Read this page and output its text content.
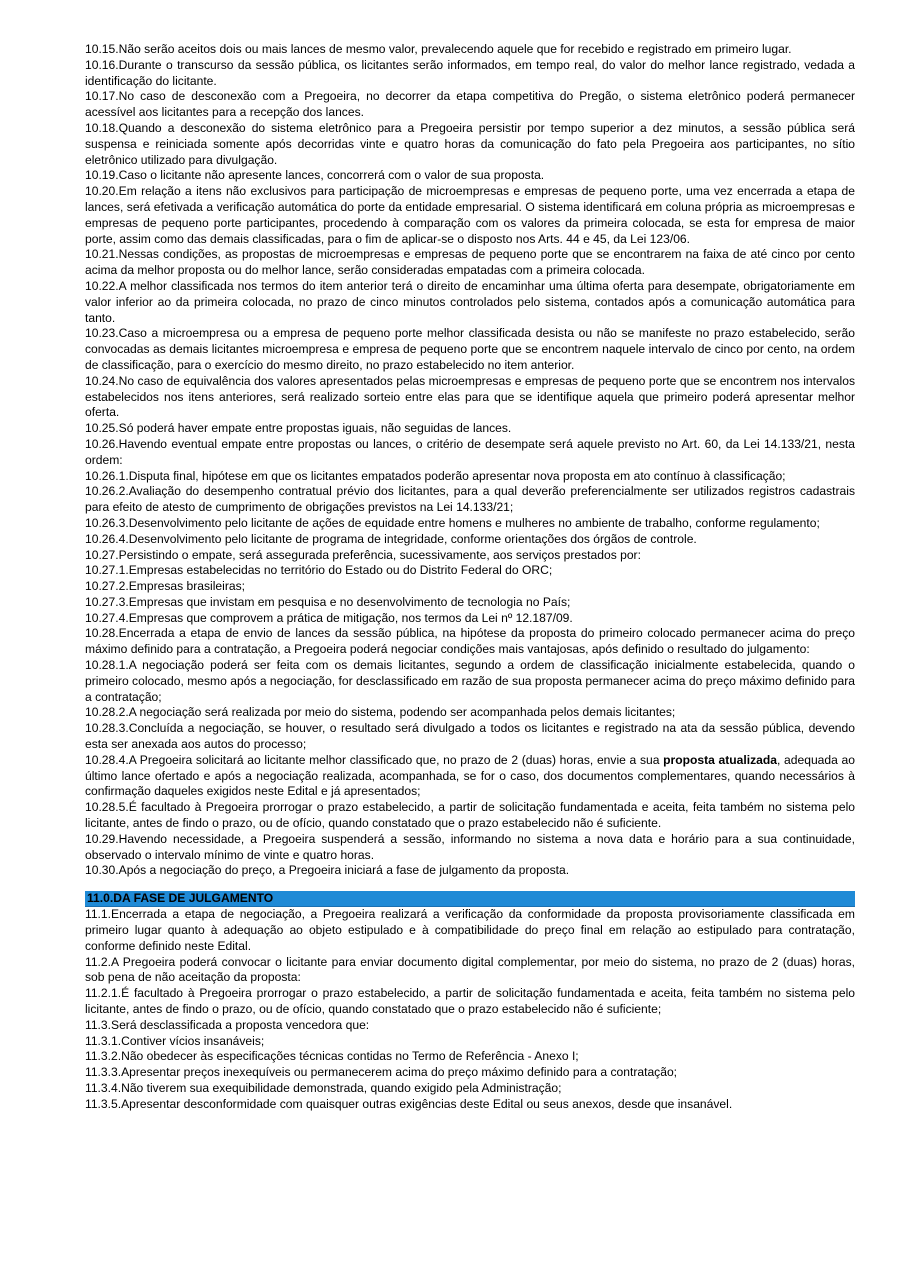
10.15.Não serão aceitos dois ou mais lances de mesmo valor, prevalecendo aquele que for recebido e registrado em primeiro lugar.

10.16.Durante o transcurso da sessão pública, os licitantes serão informados, em tempo real, do valor do melhor lance registrado, vedada a identificação do licitante.

10.17.No caso de desconexão com a Pregoeira, no decorrer da etapa competitiva do Pregão, o sistema eletrônico poderá permanecer acessível aos licitantes para a recepção dos lances.

10.18.Quando a desconexão do sistema eletrônico para a Pregoeira persistir por tempo superior a dez minutos, a sessão pública será suspensa e reiniciada somente após decorridas vinte e quatro horas da comunicação do fato pela Pregoeira aos participantes, no sítio eletrônico utilizado para divulgação.

10.19.Caso o licitante não apresente lances, concorrerá com o valor de sua proposta.

10.20.Em relação a itens não exclusivos para participação de microempresas e empresas de pequeno porte, uma vez encerrada a etapa de lances, será efetivada a verificação automática do porte da entidade empresarial. O sistema identificará em coluna própria as microempresas e empresas de pequeno porte participantes, procedendo à comparação com os valores da primeira colocada, se esta for empresa de maior porte, assim como das demais classificadas, para o fim de aplicar-se o disposto nos Arts. 44 e 45, da Lei 123/06.

10.21.Nessas condições, as propostas de microempresas e empresas de pequeno porte que se encontrarem na faixa de até cinco por cento acima da melhor proposta ou do melhor lance, serão consideradas empatadas com a primeira colocada.

10.22.A melhor classificada nos termos do item anterior terá o direito de encaminhar uma última oferta para desempate, obrigatoriamente em valor inferior ao da primeira colocada, no prazo de cinco minutos controlados pelo sistema, contados após a comunicação automática para tanto.

10.23.Caso a microempresa ou a empresa de pequeno porte melhor classificada desista ou não se manifeste no prazo estabelecido, serão convocadas as demais licitantes microempresa e empresa de pequeno porte que se encontrem naquele intervalo de cinco por cento, na ordem de classificação, para o exercício do mesmo direito, no prazo estabelecido no item anterior.

10.24.No caso de equivalência dos valores apresentados pelas microempresas e empresas de pequeno porte que se encontrem nos intervalos estabelecidos nos itens anteriores, será realizado sorteio entre elas para que se identifique aquela que primeiro poderá apresentar melhor oferta.

10.25.Só poderá haver empate entre propostas iguais, não seguidas de lances.

10.26.Havendo eventual empate entre propostas ou lances, o critério de desempate será aquele previsto no Art. 60, da Lei 14.133/21, nesta ordem:

10.26.1.Disputa final, hipótese em que os licitantes empatados poderão apresentar nova proposta em ato contínuo à classificação;

10.26.2.Avaliação do desempenho contratual prévio dos licitantes, para a qual deverão preferencialmente ser utilizados registros cadastrais para efeito de atesto de cumprimento de obrigações previstos na Lei 14.133/21;

10.26.3.Desenvolvimento pelo licitante de ações de equidade entre homens e mulheres no ambiente de trabalho, conforme regulamento;

10.26.4.Desenvolvimento pelo licitante de programa de integridade, conforme orientações dos órgãos de controle.

10.27.Persistindo o empate, será assegurada preferência, sucessivamente, aos serviços prestados por:

10.27.1.Empresas estabelecidas no território do Estado ou do Distrito Federal do ORC;

10.27.2.Empresas brasileiras;

10.27.3.Empresas que invistam em pesquisa e no desenvolvimento de tecnologia no País;

10.27.4.Empresas que comprovem a prática de mitigação, nos termos da Lei nº 12.187/09.

10.28.Encerrada a etapa de envio de lances da sessão pública, na hipótese da proposta do primeiro colocado permanecer acima do preço máximo definido para a contratação, a Pregoeira poderá negociar condições mais vantajosas, após definido o resultado do julgamento:

10.28.1.A negociação poderá ser feita com os demais licitantes, segundo a ordem de classificação inicialmente estabelecida, quando o primeiro colocado, mesmo após a negociação, for desclassificado em razão de sua proposta permanecer acima do preço máximo definido para a contratação;

10.28.2.A negociação será realizada por meio do sistema, podendo ser acompanhada pelos demais licitantes;

10.28.3.Concluída a negociação, se houver, o resultado será divulgado a todos os licitantes e registrado na ata da sessão pública, devendo esta ser anexada aos autos do processo;

10.28.4.A Pregoeira solicitará ao licitante melhor classificado que, no prazo de 2 (duas) horas, envie a sua proposta atualizada, adequada ao último lance ofertado e após a negociação realizada, acompanhada, se for o caso, dos documentos complementares, quando necessários à confirmação daqueles exigidos neste Edital e já apresentados;

10.28.5.É facultado à Pregoeira prorrogar o prazo estabelecido, a partir de solicitação fundamentada e aceita, feita também no sistema pelo licitante, antes de findo o prazo, ou de ofício, quando constatado que o prazo estabelecido não é suficiente.

10.29.Havendo necessidade, a Pregoeira suspenderá a sessão, informando no sistema a nova data e horário para a sua continuidade, observado o intervalo mínimo de vinte e quatro horas.

10.30.Após a negociação do preço, a Pregoeira iniciará a fase de julgamento da proposta.

11.0.DA FASE DE JULGAMENTO

11.1.Encerrada a etapa de negociação, a Pregoeira realizará a verificação da conformidade da proposta provisoriamente classificada em primeiro lugar quanto à adequação ao objeto estipulado e à compatibilidade do preço final em relação ao estipulado para contratação, conforme definido neste Edital.

11.2.A Pregoeira poderá convocar o licitante para enviar documento digital complementar, por meio do sistema, no prazo de 2 (duas) horas, sob pena de não aceitação da proposta:

11.2.1.É facultado à Pregoeira prorrogar o prazo estabelecido, a partir de solicitação fundamentada e aceita, feita também no sistema pelo licitante, antes de findo o prazo, ou de ofício, quando constatado que o prazo estabelecido não é suficiente;

11.3.Será desclassificada a proposta vencedora que:

11.3.1.Contiver vícios insanáveis;

11.3.2.Não obedecer às especificações técnicas contidas no Termo de Referência - Anexo I;

11.3.3.Apresentar preços inexequíveis ou permanecerem acima do preço máximo definido para a contratação;

11.3.4.Não tiverem sua exequibilidade demonstrada, quando exigido pela Administração;

11.3.5.Apresentar desconformidade com quaisquer outras exigências deste Edital ou seus anexos, desde que insanável.
